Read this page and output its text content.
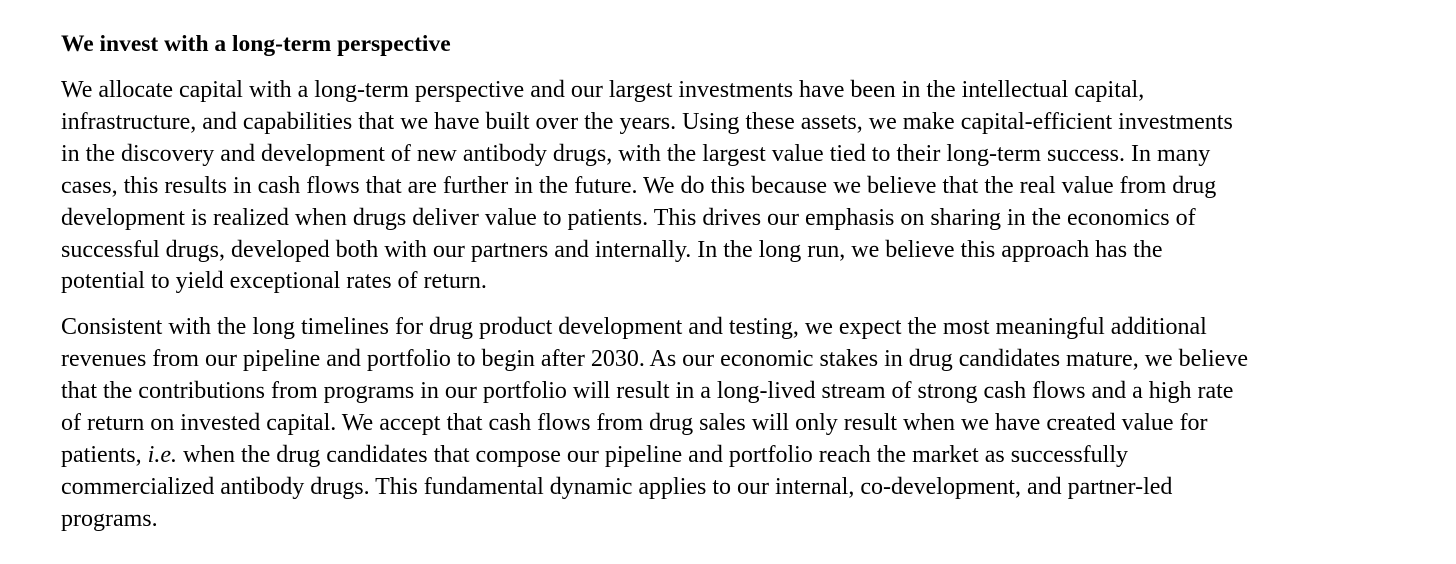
We invest with a long-term perspective

We allocate capital with a long-term perspective and our largest investments have been in the intellectual capital,
infrastructure, and capabilities that we have built over the years. Using these assets, we make capital-efficient investments
in the discovery and development of new antibody drugs, with the largest value tied to their long-term success. In many
cases, this results in cash flows that are further in the future. We do this because we believe that the real value from drug
development is realized when drugs deliver value to patients. This drives our emphasis on sharing in the economics of
successful drugs, developed both with our partners and internally. In the long run, we believe this approach has the
potential to yield exceptional rates of return.

Consistent with the long timelines for drug product development and testing, we expect the most meaningful additional
revenues from our pipeline and portfolio to begin after 2030. As our economic stakes in drug candidates mature, we believe
that the contributions from programs in our portfolio will result in a long-lived stream of strong cash flows and a high rate
of return on invested capital. We accept that cash flows from drug sales will only result when we have created value for
patients, i.e. when the drug candidates that compose our pipeline and portfolio reach the market as successfully
commercialized antibody drugs. This fundamental dynamic applies to our internal, co-development, and partner-led
programs.
